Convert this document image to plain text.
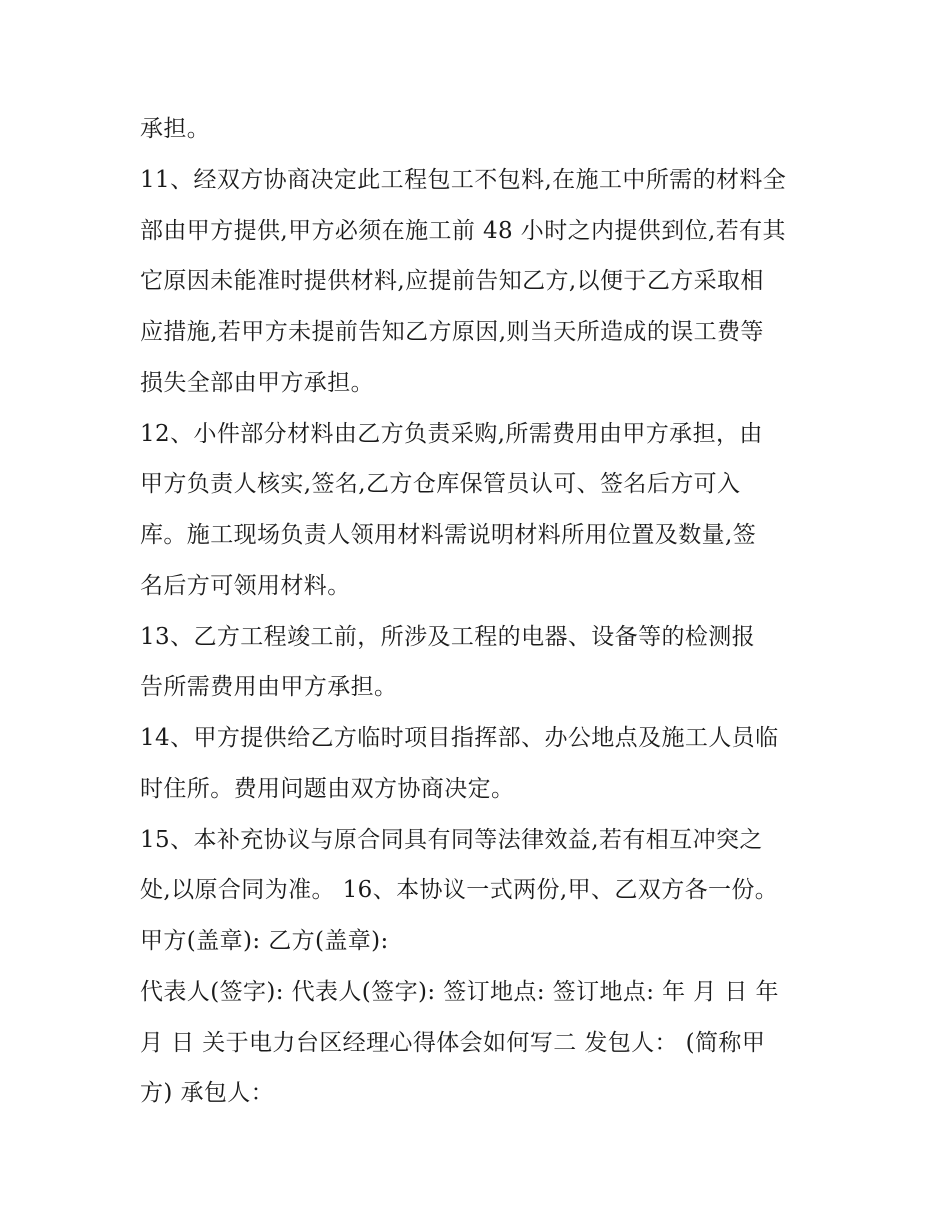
承担。
11、经双方协商决定此工程包工不包料,在施工中所需的材料全
部由甲方提供,甲方必须在施工前 48 小时之内提供到位,若有其
它原因未能准时提供材料,应提前告知乙方,以便于乙方采取相
应措施,若甲方未提前告知乙方原因,则当天所造成的误工费等
损失全部由甲方承担。
12、小件部分材料由乙方负责采购,所需费用由甲方承担，由
甲方负责人核实,签名,乙方仓库保管员认可、签名后方可入
库。施工现场负责人领用材料需说明材料所用位置及数量,签
名后方可领用材料。
13、乙方工程竣工前，所涉及工程的电器、设备等的检测报
告所需费用由甲方承担。
14、甲方提供给乙方临时项目指挥部、办公地点及施工人员临
时住所。费用问题由双方协商决定。
15、本补充协议与原合同具有同等法律效益,若有相互冲突之
处,以原合同为准。 16、本协议一式两份,甲、乙双方各一份。
甲方(盖章): 乙方(盖章):
代表人(签字): 代表人(签字): 签订地点: 签订地点: 年 月 日 年
月 日 关于电力台区经理心得体会如何写二 发包人： (简称甲
方) 承包人：
